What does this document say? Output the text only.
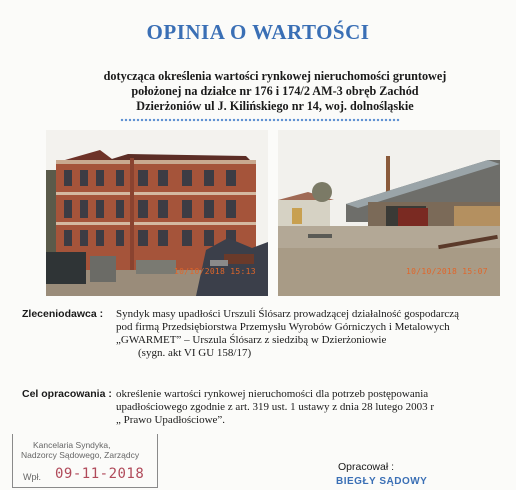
OPINIA O WARTOŚCI
dotycząca określenia wartości rynkowej nieruchomości gruntowej
położonej na działce nr 176 i 174/2 AM-3 obręb Zachód
Dzierżoniów ul J. Kilińskiego nr 14, woj. dolnośląskie
10/10/2018 15:13	10/10/2018 15:07
Zleceniodawca : Syndyk masy upadłości Urszuli Ślósarz prowadzącej działalność gospodarczą
pod firmą Przedsiębiorstwa Przemysłu Wyrobów Górniczych i Metalowych
„GWARMET” – Urszula Ślósarz z siedzibą w Dzierżoniowie
(sygn. akt VI GU 158/17)
Cel opracowania : określenie wartości rynkowej nieruchomości dla potrzeb postępowania
upadłościowego zgodnie z art. 319 ust. 1 ustawy z dnia 28 lutego 2003 r
„ Prawo Upadłościowe”.
Kancelaria Syndyka,
Nadzorcy Sądowego, Zarządcy
Wpł. 09-11-2018	Opracował :
BIEGŁY SĄDOWY
